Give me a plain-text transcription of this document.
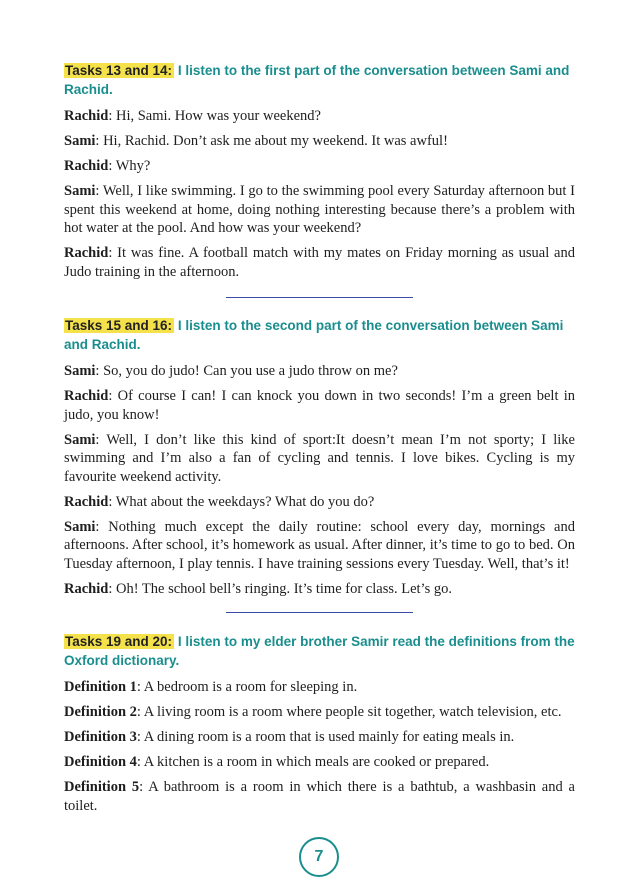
Tasks 13 and 14: I listen to the first part of the conversation between Sami and Rachid.

Rachid: Hi, Sami. How was your weekend?

Sami: Hi, Rachid. Don’t ask me about my weekend. It was awful!

Rachid: Why?

Sami: Well, I like swimming. I go to the swimming pool every Saturday afternoon but I spent this weekend at home, doing nothing interesting because there’s a problem with hot water at the pool. And how was your weekend?

Rachid: It was fine. A football match with my mates on Friday morning as usual and Judo training in the afternoon.

Tasks 15 and 16: I listen to the second part of the conversation between Sami and Rachid.

Sami: So, you do judo! Can you use a judo throw on me?

Rachid: Of course I can! I can knock you down in two seconds! I’m a green belt in judo, you know!

Sami: Well, I don’t like this kind of sport:It doesn’t mean I’m not sporty; I like swimming and I’m also a fan of cycling and tennis. I love bikes. Cycling is my favourite weekend activity.

Rachid: What about the weekdays? What do you do?

Sami: Nothing much except the daily routine: school every day, mornings and afternoons. After school, it’s homework as usual. After dinner, it’s time to go to bed. On Tuesday afternoon, I play tennis. I have training sessions every Tuesday. Well, that’s it!

Rachid: Oh! The school bell’s ringing. It’s time for class. Let’s go.

Tasks 19 and 20: I listen to my elder brother Samir read the definitions from the Oxford dictionary.

Definition 1: A bedroom is a room for sleeping in.

Definition 2: A living room is a room where people sit together, watch television, etc.

Definition 3: A dining room is a room that is used mainly for eating meals in.

Definition 4: A kitchen is a room in which meals are cooked or prepared.

Definition 5: A bathroom is a room in which there is a bathtub, a washbasin and a toilet.

7
